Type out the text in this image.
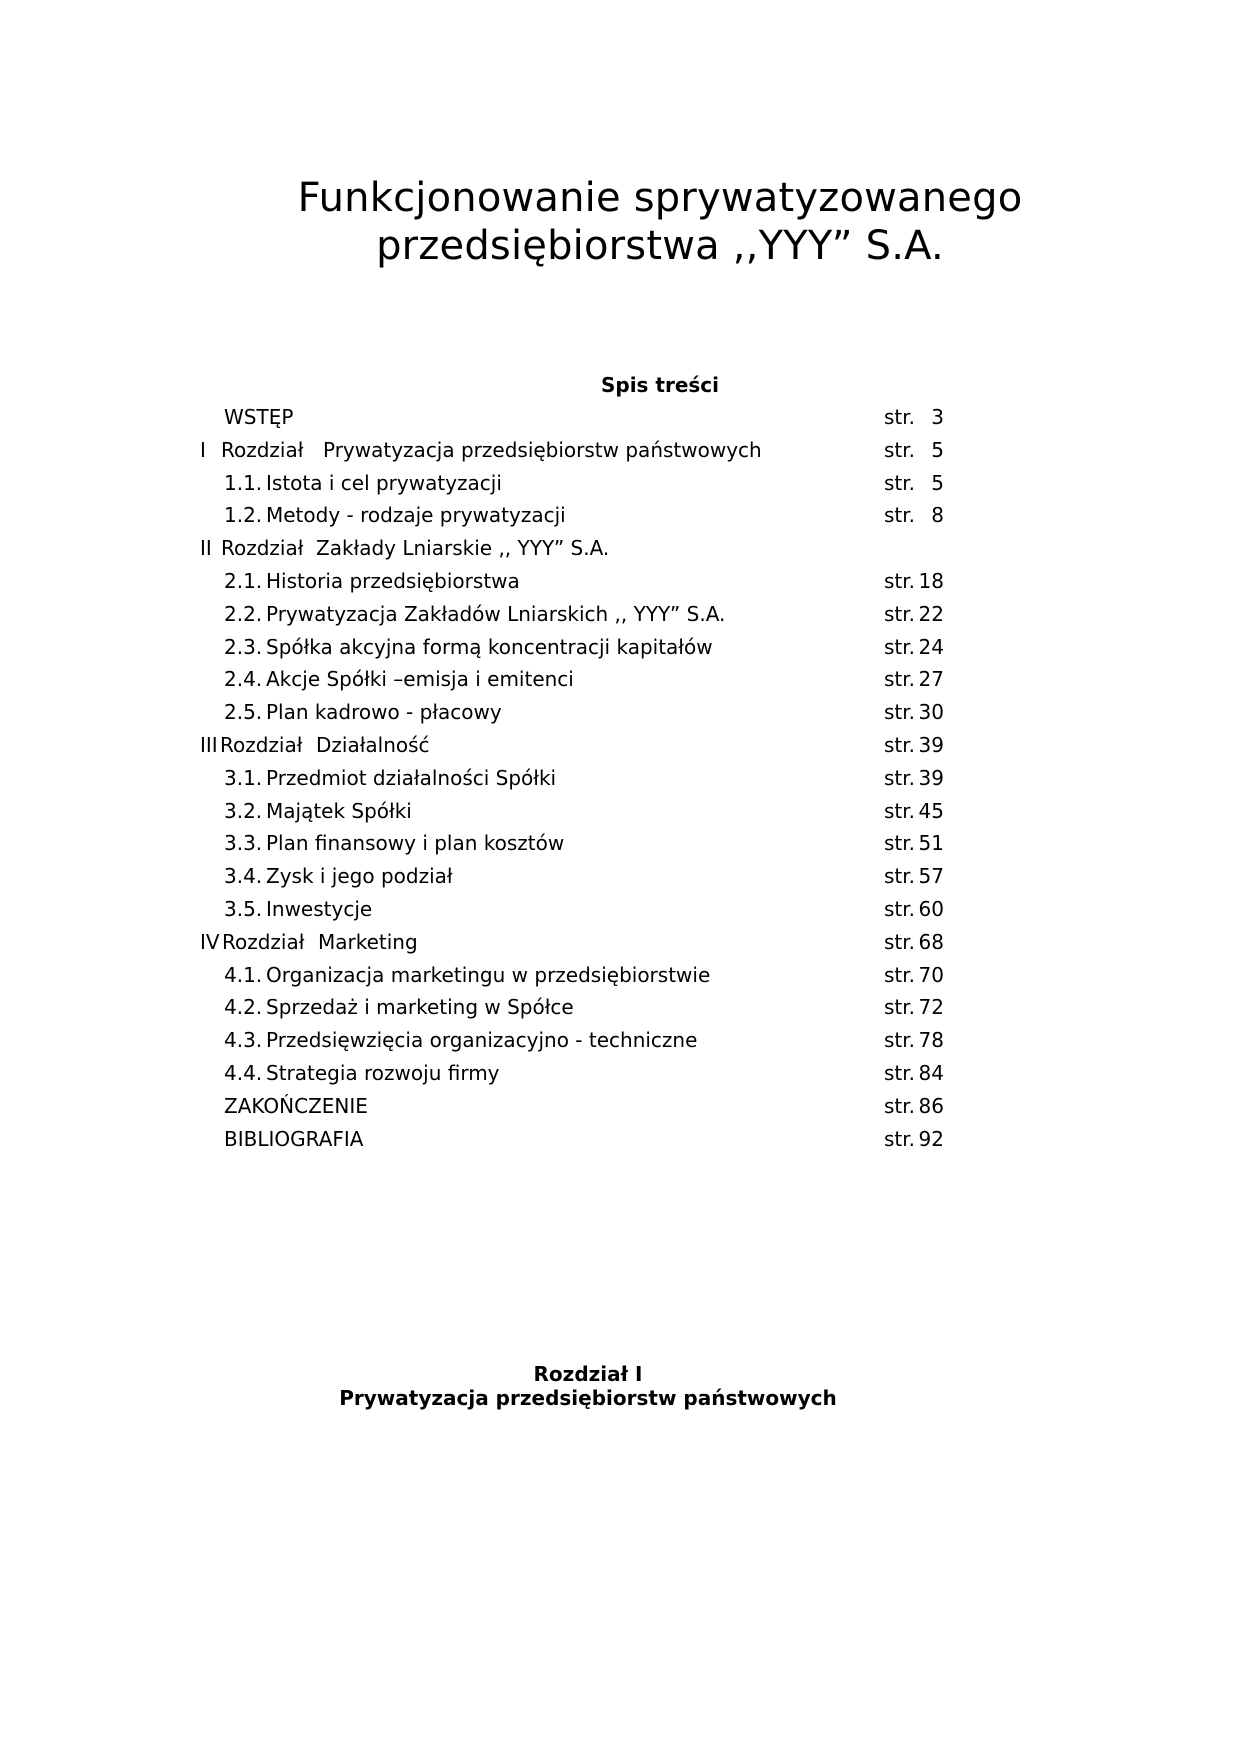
Funkcjonowanie sprywatyzowanego
przedsiębiorstwa ,,YYY” S.A.
Spis treści
WSTĘP	str. 3
I Rozdział Prywatyzacja przedsiębiorstw państwowych	str. 5
1.1. Istota i cel prywatyzacji	str. 5
1.2. Metody - rodzaje prywatyzacji	str. 8
II Rozdział Zakłady Lniarskie ,, YYY” S.A.
2.1. Historia przedsiębiorstwa	str. 18
2.2. Prywatyzacja Zakładów Lniarskich ,, YYY” S.A.	str. 22
2.3. Spółka akcyjna formą koncentracji kapitałów	str. 24
2.4. Akcje Spółki –emisja i emitenci	str. 27
2.5. Plan kadrowo - płacowy	str. 30
III Rozdział Działalność	str. 39
3.1. Przedmiot działalności Spółki	str. 39
3.2. Majątek Spółki	str. 45
3.3. Plan finansowy i plan kosztów	str. 51
3.4. Zysk i jego podział	str. 57
3.5. Inwestycje	str. 60
IV Rozdział Marketing	str. 68
4.1. Organizacja marketingu w przedsiębiorstwie	str. 70
4.2. Sprzedaż i marketing w Spółce	str. 72
4.3. Przedsięwzięcia organizacyjno - techniczne	str. 78
4.4. Strategia rozwoju firmy	str. 84
ZAKOŃCZENIE	str. 86
BIBLIOGRAFIA	str. 92
Rozdział I
Prywatyzacja przedsiębiorstw państwowych
